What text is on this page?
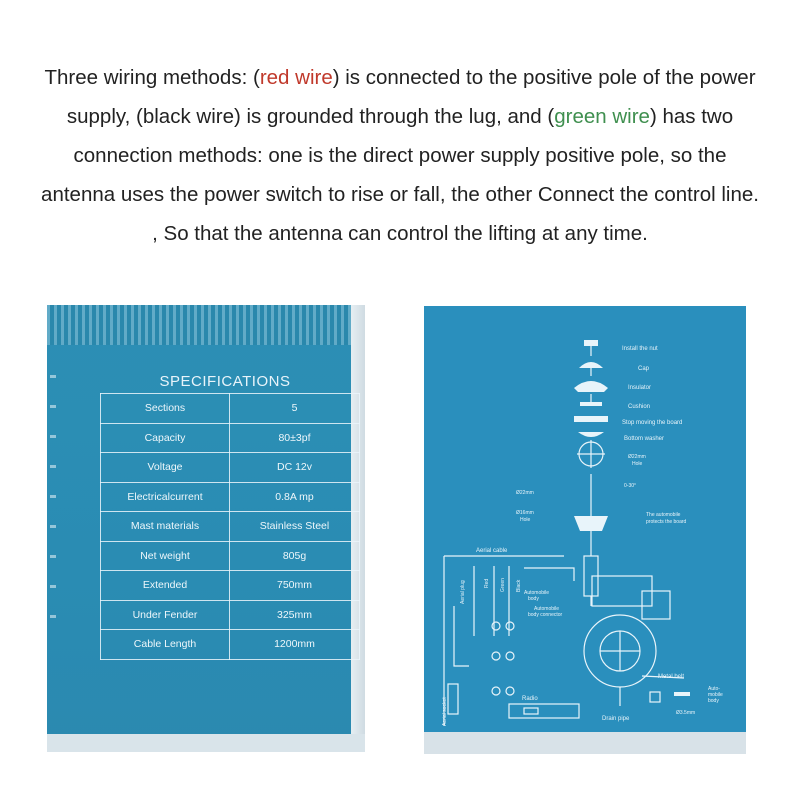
Three wiring methods: (red wire) is connected to the positive pole of the power supply, (black wire) is grounded through the lug, and (green wire) has two connection methods: one is the direct power supply positive pole, so the antenna uses the power switch to rise or fall, the other Connect the control line. , So that the antenna can control the lifting at any time.
SPECIFICATIONS
Sections	5
Capacity	80±3pf
Voltage	DC 12v
Electricalcurrent	0.8A mp
Mast materials	Stainless Steel
Net weight	805g
Extended	750mm
Under Fender	325mm
Cable Length	1200mm
Install the nut
Cap
Insulator
Cushion
Stop moving the board
Bottom washer
Ø22mm
Hole
0-30°
Ø22mm
Ø16mm
Hole
The automobile
protects the board
Aerial cable
Aerial plug	Red Green Black
Automobile
body
Automobile
body connector
Metal belt
Auto-
mobile
body
Radio
Aerial socket	Drain pipe
Ø3.5mm
